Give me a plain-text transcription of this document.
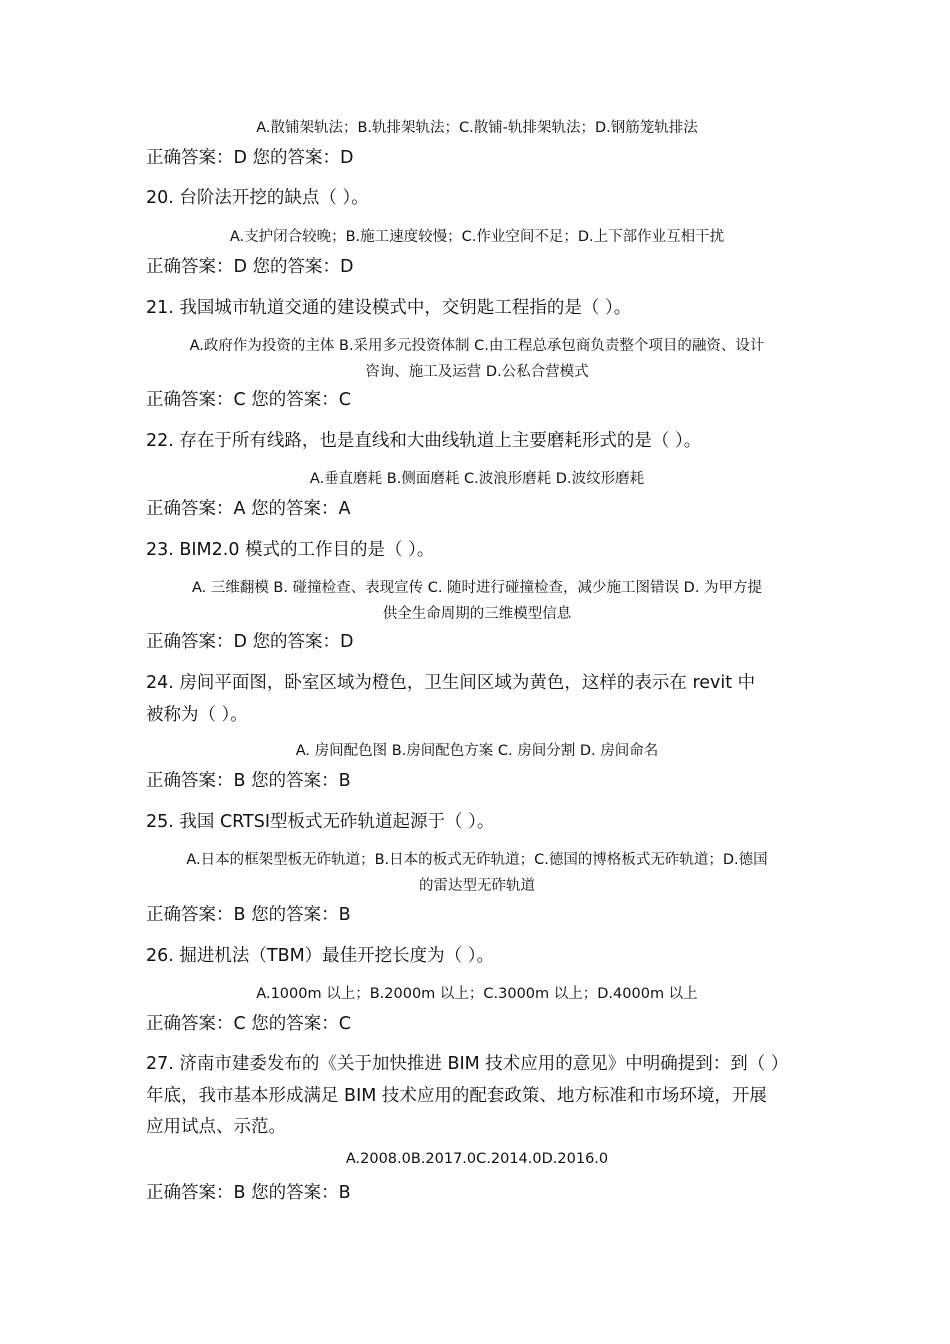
A.散铺架轨法；B.轨排架轨法；C.散铺-轨排架轨法；D.钢筋笼轨排法
正确答案：D 您的答案：D
20. 台阶法开挖的缺点（ ）。
A.支护闭合较晚；B.施工速度较慢；C.作业空间不足；D.上下部作业互相干扰
正确答案：D 您的答案：D
21. 我国城市轨道交通的建设模式中，交钥匙工程指的是（ ）。
A.政府作为投资的主体 B.采用多元投资体制 C.由工程总承包商负责整个项目的融资、设计
咨询、施工及运营 D.公私合营模式
正确答案：C 您的答案：C
22. 存在于所有线路，也是直线和大曲线轨道上主要磨耗形式的是（ ）。
A.垂直磨耗 B.侧面磨耗 C.波浪形磨耗 D.波纹形磨耗
正确答案：A 您的答案：A
23. BIM2.0 模式的工作目的是（ ）。
A. 三维翻模 B. 碰撞检查、表现宣传 C. 随时进行碰撞检查，减少施工图错误 D. 为甲方提
供全生命周期的三维模型信息
正确答案：D 您的答案：D
24. 房间平面图，卧室区域为橙色，卫生间区域为黄色，这样的表示在 revit 中
被称为（ ）。
A. 房间配色图 B.房间配色方案 C. 房间分割 D. 房间命名
正确答案：B 您的答案：B
25. 我国 CRTSⅠ型板式无砟轨道起源于（ ）。
A.日本的框架型板无砟轨道；B.日本的板式无砟轨道；C.德国的博格板式无砟轨道；D.德国
的雷达型无砟轨道
正确答案：B 您的答案：B
26. 掘进机法（TBM）最佳开挖长度为（ ）。
A.1000m 以上；B.2000m 以上；C.3000m 以上；D.4000m 以上
正确答案：C 您的答案：C
27. 济南市建委发布的《关于加快推进 BIM 技术应用的意见》中明确提到：到（ ）
年底，我市基本形成满足 BIM 技术应用的配套政策、地方标准和市场环境，开展
应用试点、示范。
A.2008.0B.2017.0C.2014.0D.2016.0
正确答案：B 您的答案：B
